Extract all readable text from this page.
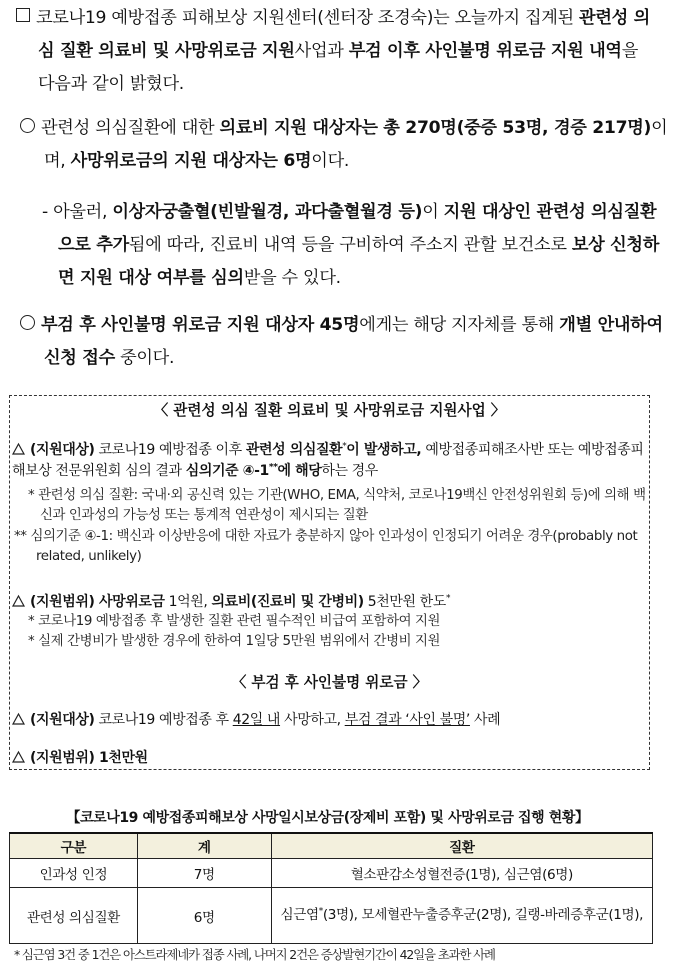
코로나19 예방접종 피해보상 지원센터(센터장 조경숙)는 오늘까지 집계된 관련성 의심 질환 의료비 및 사망위로금 지원사업과 부검 이후 사인불명 위로금 지원 내역을 다음과 같이 밝혔다.
관련성 의심질환에 대한 의료비 지원 대상자는 총 270명(중증 53명, 경증 217명)이며, 사망위로금의 지원 대상자는 6명이다.
- 아울러, 이상자궁출혈(빈발월경, 과다출혈월경 등)이 지원 대상인 관련성 의심질환으로 추가됨에 따라, 진료비 내역 등을 구비하여 주소지 관할 보건소로 보상 신청하면 지원 대상 여부를 심의받을 수 있다.
부검 후 사인불명 위로금 지원 대상자 45명에게는 해당 지자체를 통해 개별 안내하여 신청 접수 중이다.
〈 관련성 의심 질환 의료비 및 사망위로금 지원사업 〉
(지원대상) 코로나19 예방접종 이후 관련성 의심질환*이 발생하고, 예방접종피해조사반 또는 예방접종피해보상 전문위원회 심의 결과 심의기준 ④-1**에 해당하는 경우
* 관련성 의심 질환: 국내·외 공신력 있는 기관(WHO, EMA, 식약처, 코로나19백신 안전성위원회 등)에 의해 백신과 인과성의 가능성 또는 통계적 연관성이 제시되는 질환
** 심의기준 ④-1: 백신과 이상반응에 대한 자료가 충분하지 않아 인과성이 인정되기 어려운 경우(probably not related, unlikely)
(지원범위) 사망위로금 1억원, 의료비(진료비 및 간병비) 5천만원 한도*
* 코로나19 예방접종 후 발생한 질환 관련 필수적인 비급여 포함하여 지원
* 실제 간병비가 발생한 경우에 한하여 1일당 5만원 범위에서 간병비 지원
〈 부검 후 사인불명 위로금 〉
(지원대상) 코로나19 예방접종 후 42일 내 사망하고, 부검 결과 ‘사인 불명’ 사례
(지원범위) 1천만원
【코로나19 예방접종피해보상 사망일시보상금(장제비 포함) 및 사망위로금 집행 현황】
구분	계	질환
인과성 인정	7명	혈소판감소성혈전증(1명), 심근염(6명)
관련성 의심질환	6명	심근염*(3명), 모세혈관누출증후군(2명), 길랭-바레증후군(1명),
* 심근염 3건 중 1건은 아스트라제네카 접종 사례, 나머지 2건은 증상발현기간이 42일을 초과한 사례
